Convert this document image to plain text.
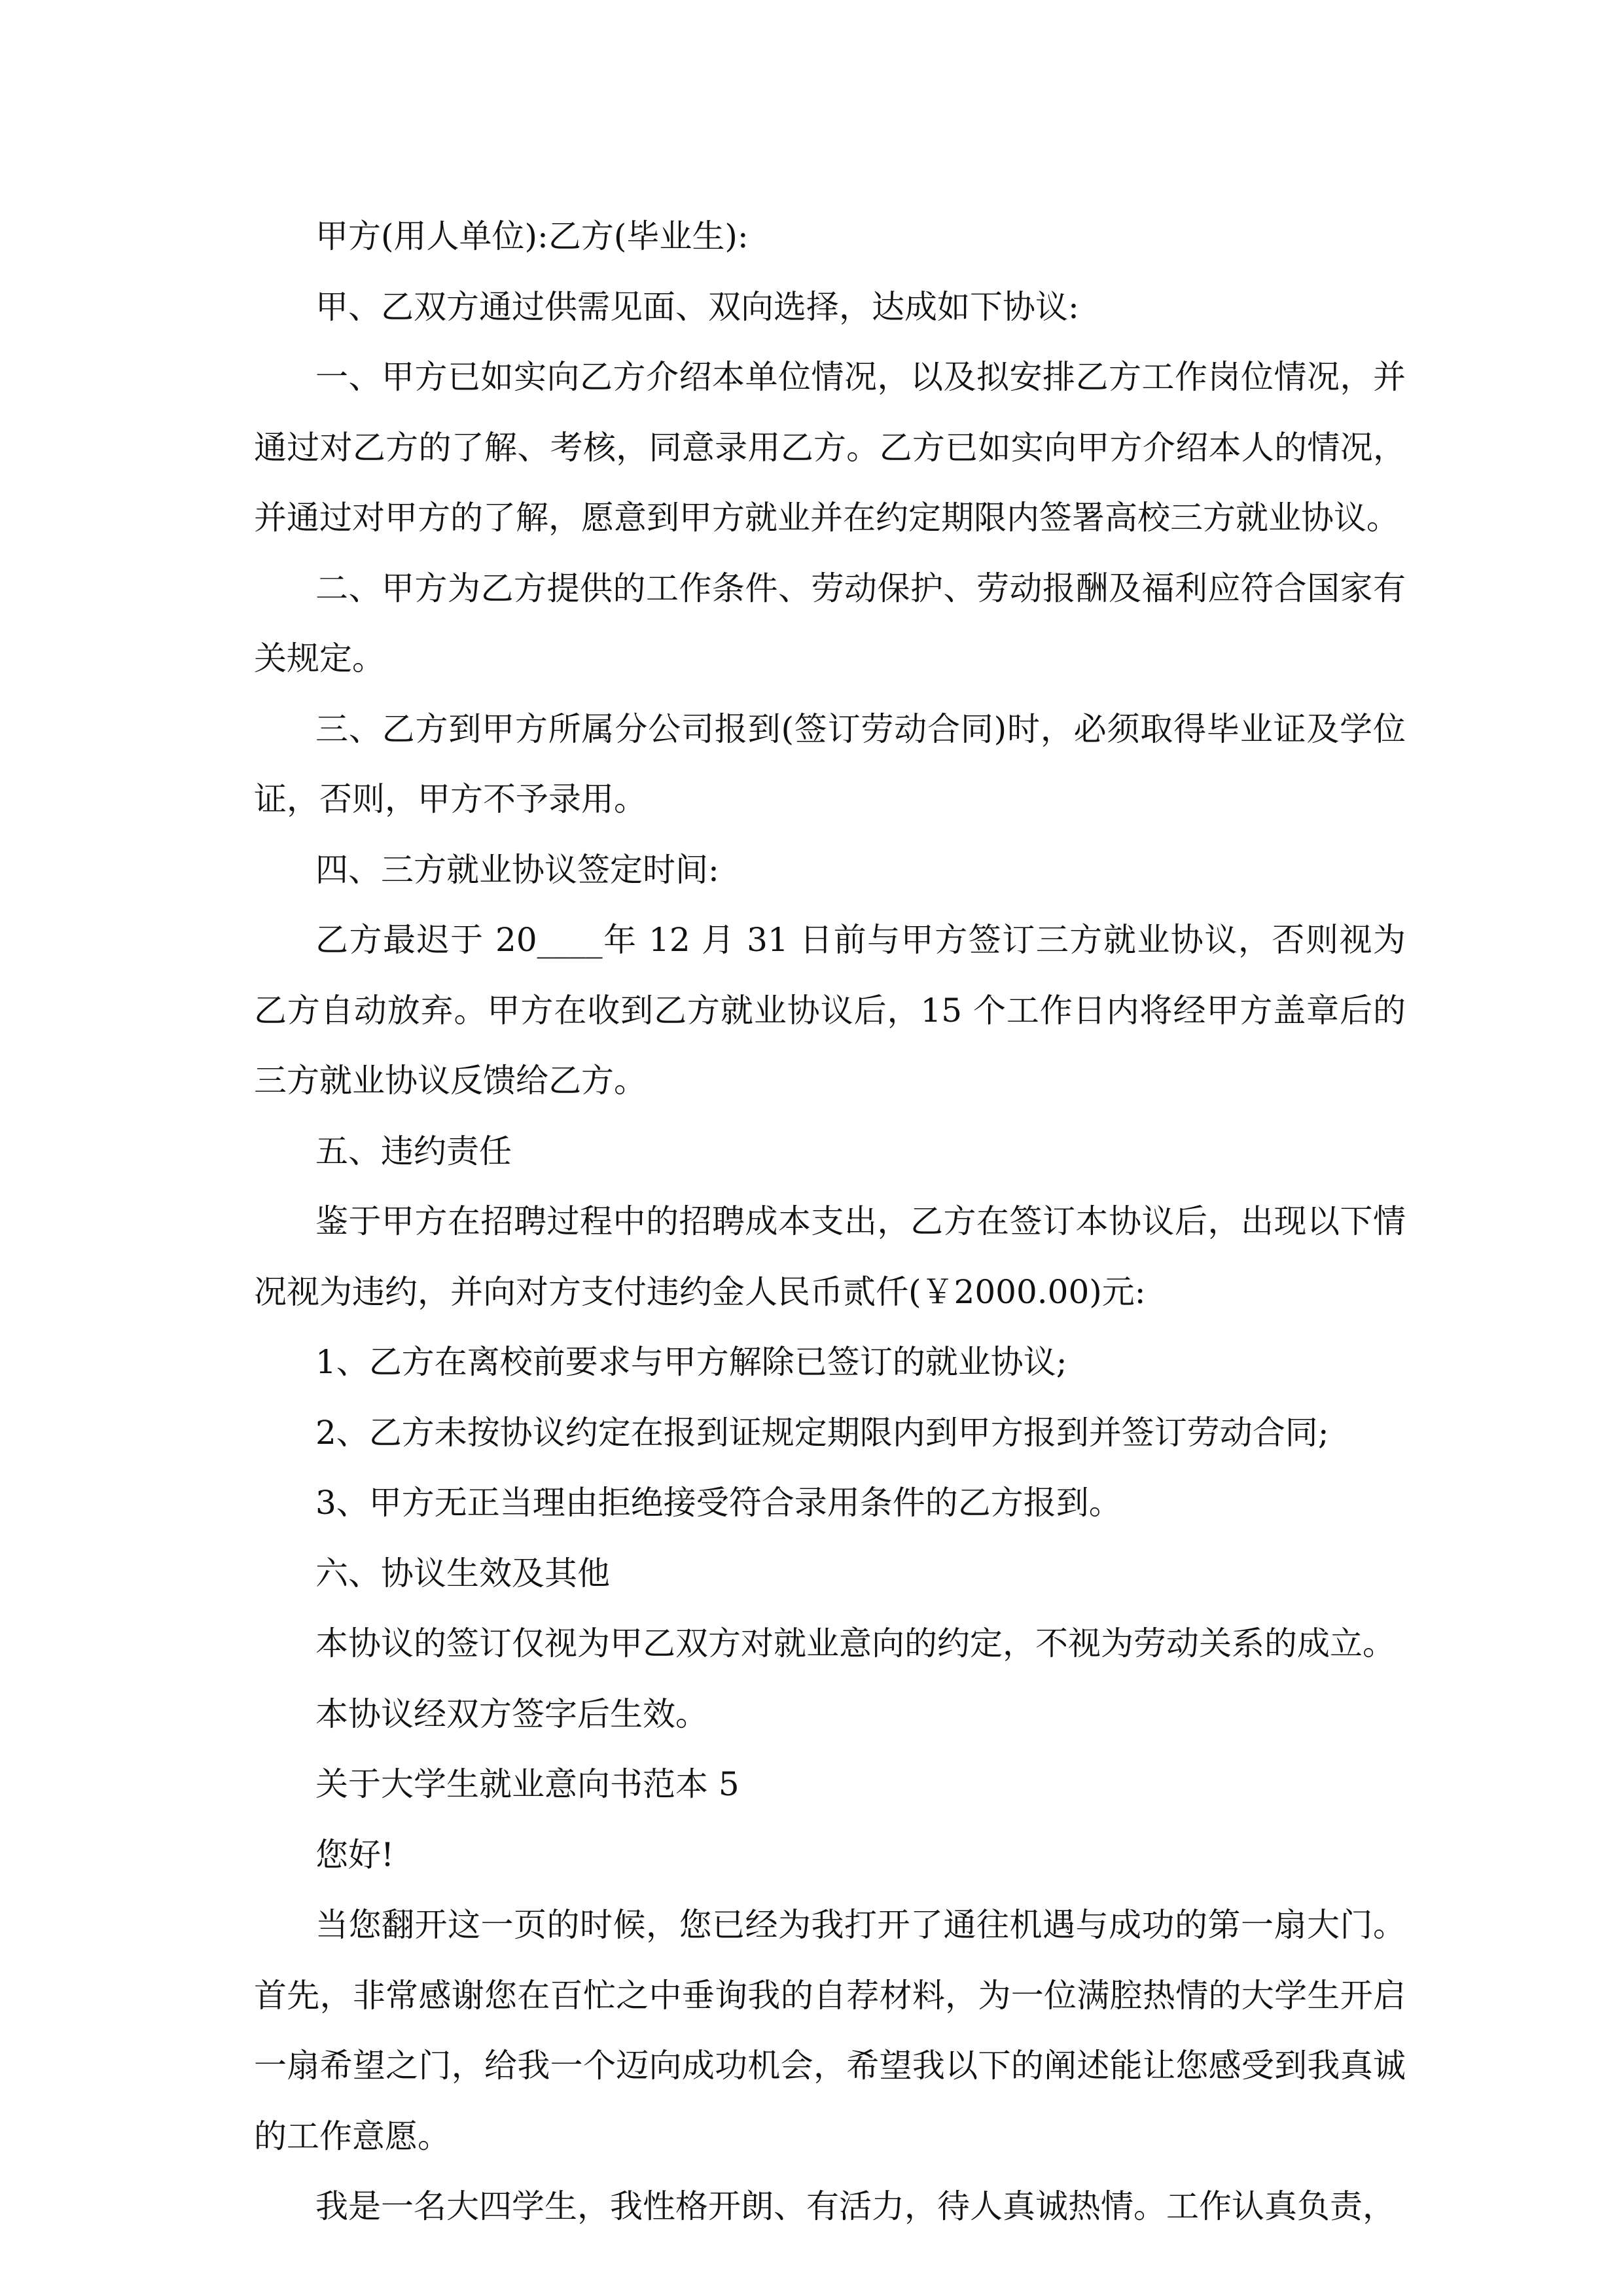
甲方(用人单位):乙方(毕业生):

甲、乙双方通过供需见面、双向选择，达成如下协议:

一、甲方已如实向乙方介绍本单位情况，以及拟安排乙方工作岗位情况，并通过对乙方的了解、考核，同意录用乙方。乙方已如实向甲方介绍本人的情况，并通过对甲方的了解，愿意到甲方就业并在约定期限内签署高校三方就业协议。

二、甲方为乙方提供的工作条件、劳动保护、劳动报酬及福利应符合国家有关规定。

三、乙方到甲方所属分公司报到(签订劳动合同)时，必须取得毕业证及学位证，否则，甲方不予录用。

四、三方就业协议签定时间:

乙方最迟于 20____年 12 月 31 日前与甲方签订三方就业协议，否则视为乙方自动放弃。甲方在收到乙方就业协议后，15 个工作日内将经甲方盖章后的三方就业协议反馈给乙方。

五、违约责任

鉴于甲方在招聘过程中的招聘成本支出，乙方在签订本协议后，出现以下情况视为违约，并向对方支付违约金人民币贰仟(￥2000.00)元:

1、乙方在离校前要求与甲方解除已签订的就业协议;

2、乙方未按协议约定在报到证规定期限内到甲方报到并签订劳动合同;

3、甲方无正当理由拒绝接受符合录用条件的乙方报到。

六、协议生效及其他

本协议的签订仅视为甲乙双方对就业意向的约定，不视为劳动关系的成立。

本协议经双方签字后生效。

关于大学生就业意向书范本 5

您好!

当您翻开这一页的时候，您已经为我打开了通往机遇与成功的第一扇大门。首先，非常感谢您在百忙之中垂询我的自荐材料，为一位满腔热情的大学生开启一扇希望之门，给我一个迈向成功机会，希望我以下的阐述能让您感受到我真诚的工作意愿。

我是一名大四学生，我性格开朗、有活力，待人真诚热情。工作认真负责，
